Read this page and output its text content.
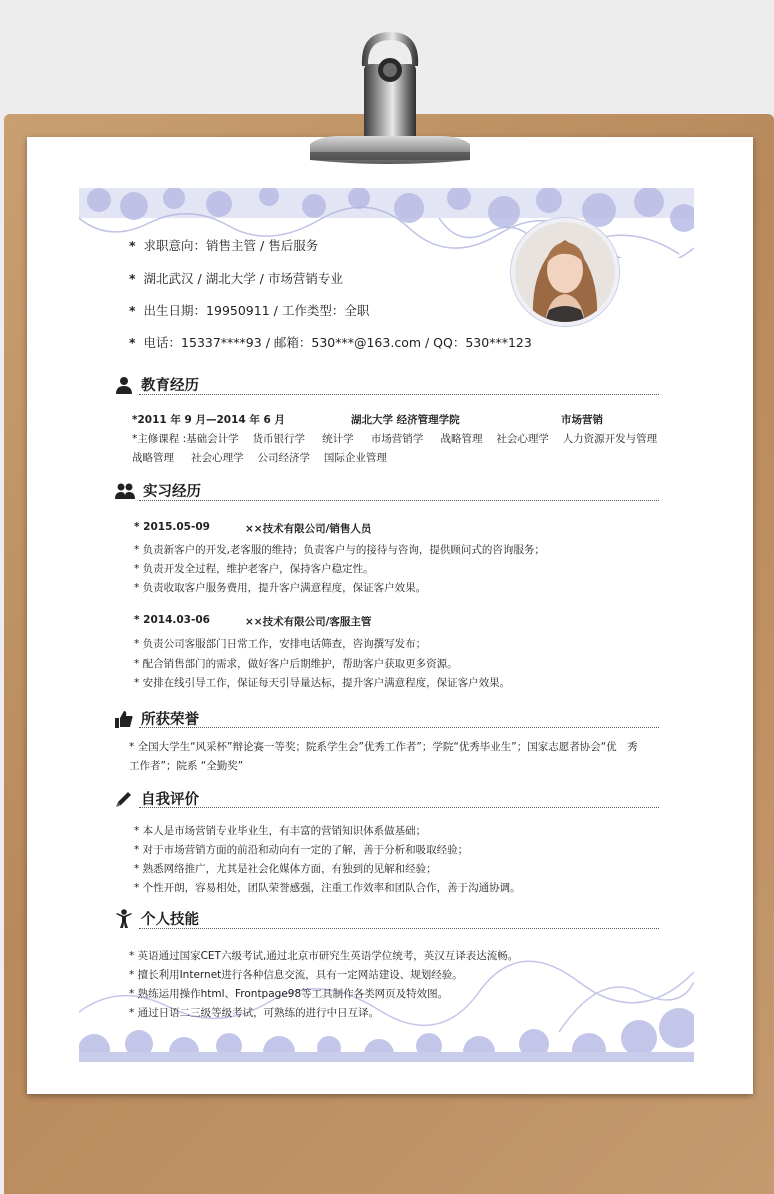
* 求职意向：销售主管 / 售后服务
* 湖北武汉 / 湖北大学 / 市场营销专业
* 出生日期：19950911 / 工作类型：全职
* 电话：15337****93 / 邮箱：530***@163.com / QQ：530***123
教育经历
*2011 年 9 月—2014 年 6 月	湖北大学 经济管理学院	市场营销
*主修课程 :基础会计学　 货币银行学 　 统计学 　 市场营销学 　 战略管理 　社会心理学 　人力资源开发与管理
战略管理 　 社会心理学 　公司经济学 　国际企业管理
实习经历
* 2015.05-09	××技术有限公司/销售人员
* 负责新客户的开发,老客服的维持；负责客户与的接待与咨询，提供顾问式的咨询服务；
* 负责开发全过程，维护老客户，保持客户稳定性。
* 负责收取客户服务费用，提升客户满意程度，保证客户效果。
* 2014.03-06	××技术有限公司/客服主管
* 负责公司客服部门日常工作，安排电话筛查，咨询撰写发布；
* 配合销售部门的需求，做好客户后期维护，帮助客户获取更多资源。
* 安排在线引导工作，保证每天引导量达标，提升客户满意程度，保证客户效果。
所获荣誉
* 全国大学生“风采杯”辩论赛一等奖；院系学生会”优秀工作者”；学院“优秀毕业生”；国家志愿者协会“优　秀
工作者”；院系 “全勤奖”
自我评价
* 本人是市场营销专业毕业生，有丰富的营销知识体系做基础；
* 对于市场营销方面的前沿和动向有一定的了解，善于分析和吸取经验；
* 熟悉网络推广，尤其是社会化媒体方面，有独到的见解和经验；
* 个性开朗，容易相处，团队荣誉感强，注重工作效率和团队合作，善于沟通协调。
个人技能
* 英语通过国家CET六级考试,通过北京市研究生英语学位统考，英汉互译表达流畅。
* 擅长利用Internet进行各种信息交流，具有一定网站建设、规划经验。
* 熟练运用操作html、Frontpage98等工具制作各类网页及特效图。
* 通过日语二三级等级考试，可熟练的进行中日互译。
